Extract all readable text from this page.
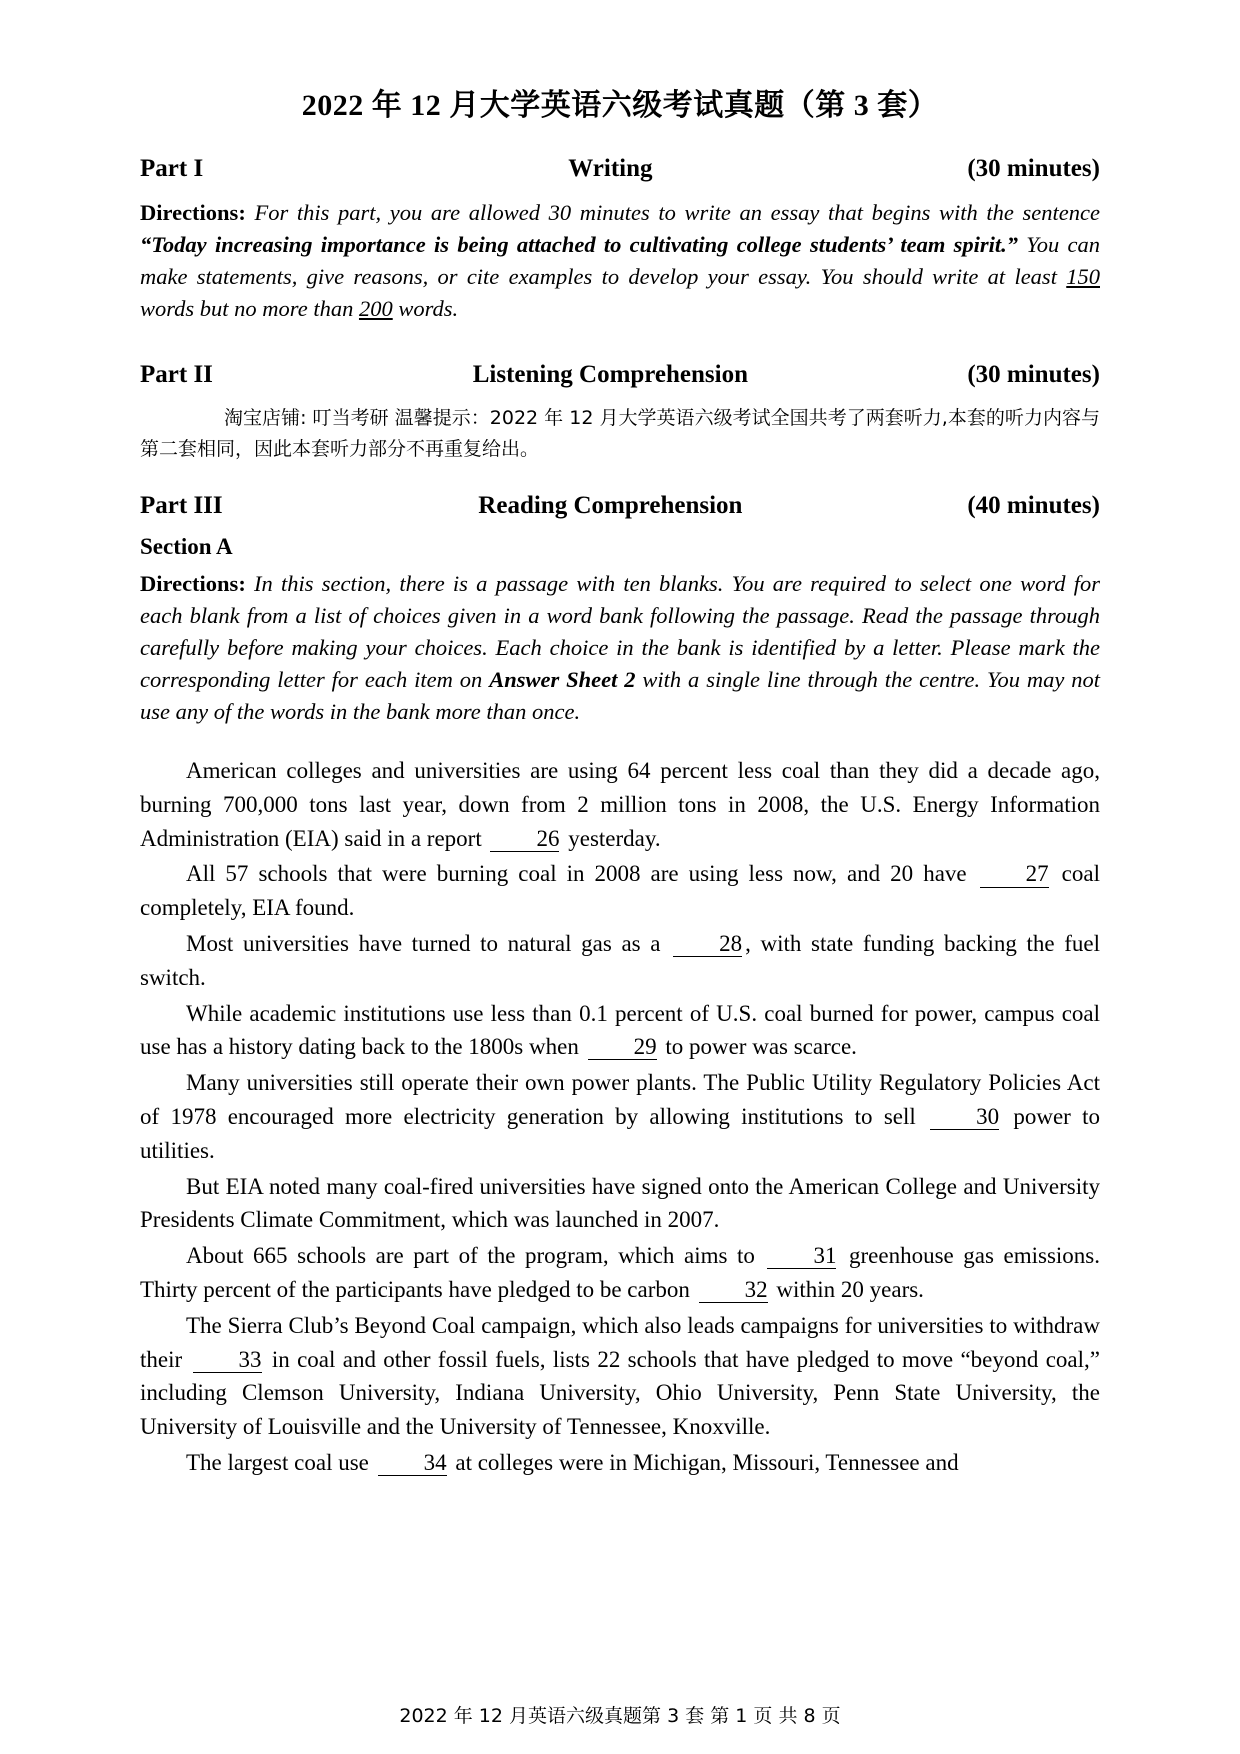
2022 年 12 月大学英语六级考试真题（第 3 套）
Part I	Writing	(30 minutes)

Directions: For this part, you are allowed 30 minutes to write an essay that begins with the sentence “Today increasing importance is being attached to cultivating college students’ team spirit.” You can make statements, give reasons, or cite examples to develop your essay. You should write at least 150 words but no more than 200 words.

Part II	Listening Comprehension	(30 minutes)

淘宝店铺: 叮当考研 温馨提示：2022 年 12 月大学英语六级考试全国共考了两套听力,本套的听力内容与第二套相同，因此本套听力部分不再重复给出。

Part III	Reading Comprehension	(40 minutes)
Section A

Directions: In this section, there is a passage with ten blanks. You are required to select one word for each blank from a list of choices given in a word bank following the passage. Read the passage through carefully before making your choices. Each choice in the bank is identified by a letter. Please mark the corresponding letter for each item on Answer Sheet 2 with a single line through the centre. You may not use any of the words in the bank more than once.

American colleges and universities are using 64 percent less coal than they did a decade ago, burning 700,000 tons last year, down from 2 million tons in 2008, the U.S. Energy Information Administration (EIA) said in a report 26 yesterday.

All 57 schools that were burning coal in 2008 are using less now, and 20 have 27 coal completely, EIA found.

Most universities have turned to natural gas as a 28 , with state funding backing the fuel switch.

While academic institutions use less than 0.1 percent of U.S. coal burned for power, campus coal use has a history dating back to the 1800s when 29 to power was scarce.

Many universities still operate their own power plants. The Public Utility Regulatory Policies Act of 1978 encouraged more electricity generation by allowing institutions to sell 30 power to utilities.

But EIA noted many coal-fired universities have signed onto the American College and University Presidents Climate Commitment, which was launched in 2007.

About 665 schools are part of the program, which aims to 31 greenhouse gas emissions. Thirty percent of the participants have pledged to be carbon 32 within 20 years.

The Sierra Club’s Beyond Coal campaign, which also leads campaigns for universities to withdraw their 33 in coal and other fossil fuels, lists 22 schools that have pledged to move “beyond coal,” including Clemson University, Indiana University, Ohio University, Penn State University, the University of Louisville and the University of Tennessee, Knoxville.

The largest coal use 34 at colleges were in Michigan, Missouri, Tennessee and

2022 年 12 月英语六级真题第 3 套 第 1 页 共 8 页
